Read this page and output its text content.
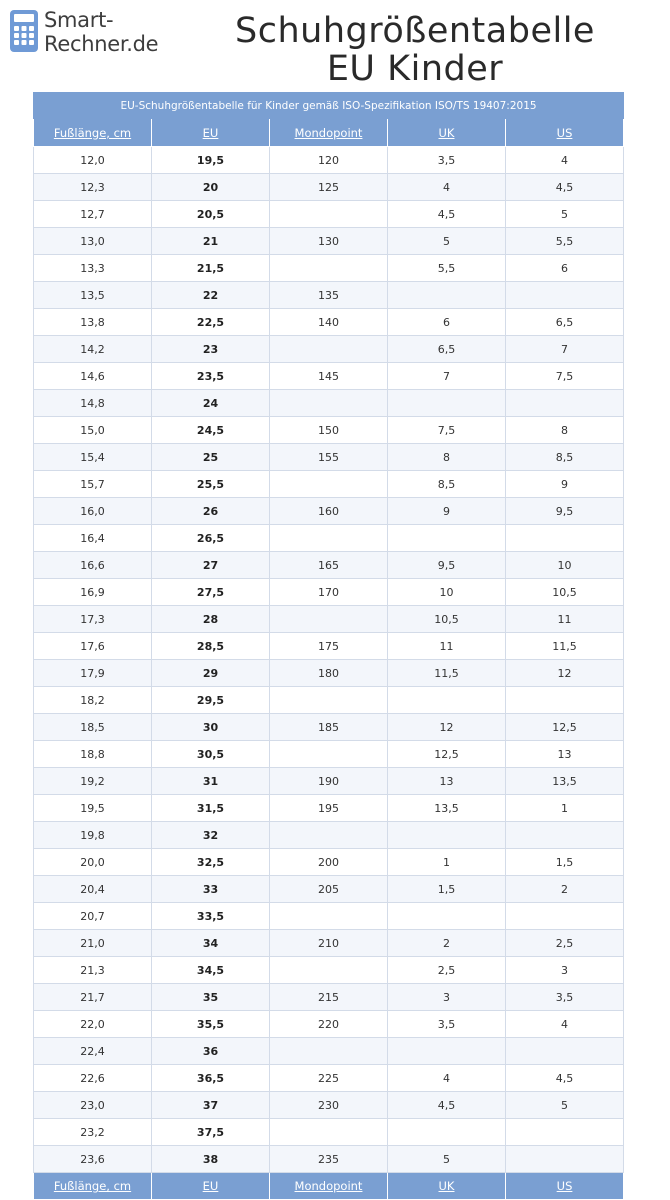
Smart-
Rechner.de	Schuhgrößentabelle
EU Kinder
EU-Schuhgrößentabelle für Kinder gemäß ISO-Spezifikation ISO/TS 19407:2015				
Fußlänge, cm	EU	Mondopoint	UK	US
12,0	19,5	120	3,5	4
12,3	20	125	4	4,5
12,7	20,5		4,5	5
13,0	21	130	5	5,5
13,3	21,5		5,5	6
13,5	22	135		
13,8	22,5	140	6	6,5
14,2	23		6,5	7
14,6	23,5	145	7	7,5
14,8	24			
15,0	24,5	150	7,5	8
15,4	25	155	8	8,5
15,7	25,5		8,5	9
16,0	26	160	9	9,5
16,4	26,5			
16,6	27	165	9,5	10
16,9	27,5	170	10	10,5
17,3	28		10,5	11
17,6	28,5	175	11	11,5
17,9	29	180	11,5	12
18,2	29,5			
18,5	30	185	12	12,5
18,8	30,5		12,5	13
19,2	31	190	13	13,5
19,5	31,5	195	13,5	1
19,8	32			
20,0	32,5	200	1	1,5
20,4	33	205	1,5	2
20,7	33,5			
21,0	34	210	2	2,5
21,3	34,5		2,5	3
21,7	35	215	3	3,5
22,0	35,5	220	3,5	4
22,4	36			
22,6	36,5	225	4	4,5
23,0	37	230	4,5	5
23,2	37,5			
23,6	38	235	5	
Fußlänge, cm	EU	Mondopoint	UK	US
